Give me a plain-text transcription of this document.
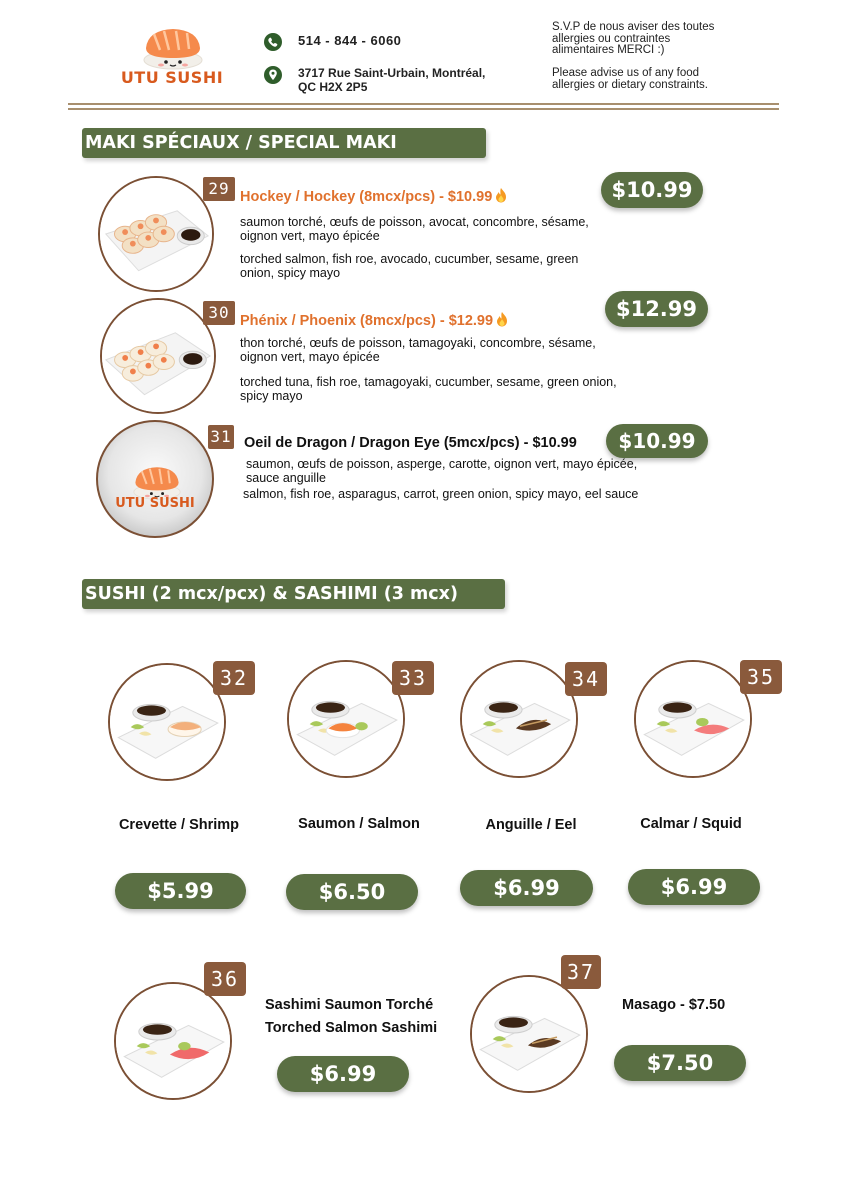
UTU SUSHI
514 - 844 - 6060
3717 Rue Saint-Urbain, Montréal,
QC H2X 2P5
S.V.P de nous aviser des toutes
allergies ou contraintes
alimentaires MERCI :)
Please advise us of any food
allergies or dietary constraints.
MAKI SPÉCIAUX / SPECIAL MAKI
29 Hockey / Hockey (8mcx/pcs) - $10.99	$10.99
saumon torché, œufs de poisson, avocat, concombre, sésame,
oignon vert, mayo épicée
torched salmon, fish roe, avocado, cucumber, sesame, green
onion, spicy mayo
30 Phénix / Phoenix (8mcx/pcs) - $12.99	$12.99
thon torché, œufs de poisson, tamagoyaki, concombre, sésame,
oignon vert, mayo épicée
torched tuna, fish roe, tamagoyaki, cucumber, sesame, green onion,
spicy mayo
UTU SUSHI
31 Oeil de Dragon / Dragon Eye (5mcx/pcs) - $10.99	$10.99
saumon, œufs de poisson, asperge, carotte, oignon vert, mayo épicée,
sauce anguille
salmon, fish roe, asparagus, carrot, green onion, spicy mayo, eel sauce
SUSHI (2 mcx/pcx) & SASHIMI (3 mcx)
32	33	34	35
Crevette / Shrimp	Saumon / Salmon	Anguille / Eel	Calmar / Squid
$5.99	$6.50	$6.99	$6.99
36
Sashimi Saumon Torché
Torched Salmon Sashimi
$6.99
37
Masago - $7.50
$7.50
